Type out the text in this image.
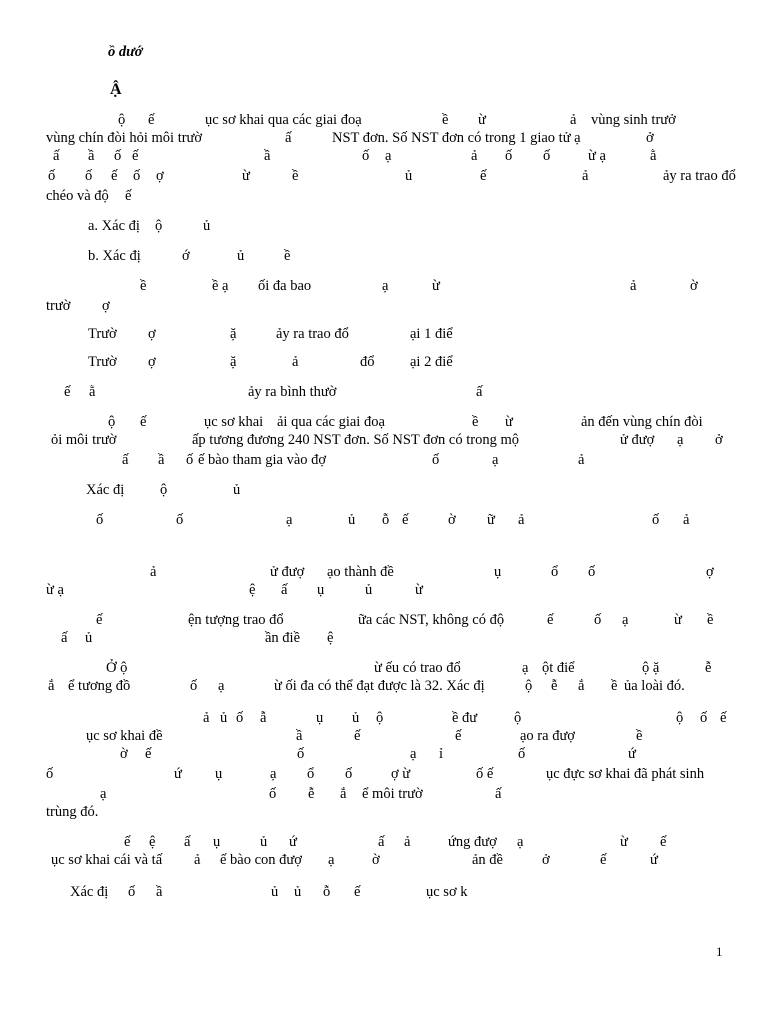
ồ dướ
Ậ
ộ ế	ục sơ khai qua các giai đoạ	ề ừ	ả vùng sinh trưở
vùng chín đòi hỏi môi trườ	ấ	NST đơn. Số NST đơn có trong 1 giao tử ạ	ở
ấ ầ ố ế	ầ	ố ạ	ả ố ố	ừ ạ	ằ
ố ố ế ố ợ	ừ	ề	ủ	ế	ả	ảy ra trao đổ
chéo và độ ế
a. Xác đị ộ	ủ
b. Xác đị	ớ	ủ	ề
ề	ề ạ ối đa bao	ạ	ừ	ả	ờ
trườ ợ
Trườ ợ	ặ	ảy ra trao đổ	ại 1 điể
Trườ ợ	ặ	ả	đổ ại 2 điể
ế ằ	ảy ra bình thườ	ấ
ộ ế	ục sơ khai ải qua các giai đoạ	ề ừ	ản đến vùng chín đòi
ỏi môi trườ	ấp tương đương 240 NST đơn. Số NST đơn có trong mộ	ử đượ ạ ở
ấ ầ ố ế bào tham gia vào đợ	ố	ạ	ả
Xác đị ộ	ủ
ố	ố	ạ	ủ ỗ ế	ờ ữ ả	ố ả
ả	ử đượ ạo thành đề	ụ	ổ ố	ợ
ừ ạ	ệ ấ ụ	ủ	ừ
ế	ện tượng trao đổ	ữa các NST, không có độ	ế	ố ạ	ừ ề
ấ ủ	ần điề ệ
Ở ộ	ừ ếu có trao đổ	ạ ột điể	ộ ặ	ễ
ắ ể tương đồ	ố ạ	ừ ối đa có thể đạt được là 32. Xác đị	ộ ễ ắ ề ủa loài đó.
ả ủ ố ẫ	ụ ủ ộ	ề đư	ộ	ộ ố ế
ục sơ khai đề	ầ	ế	ế	ạo ra đượ	ề
ờ ế	ố	ạ ỉ	ố	ứ
ố	ứ ụ	ạ ổ ố	ợ ừ	ố ế	ục đực sơ khai đã phát sinh
ạ	ố ễ ắ ể môi trườ	ấ
trùng đó.
ế ệ ấ ụ	ủ ứ	ấ ả	ứng đượ ạ	ừ ế
ục sơ khai cái và tấ ả ế bào con đượ ạ	ờ	ản đề	ở	ế	ứ
Xác đị ố ầ	ủ ủ ỗ ế	ục sơ k
1
